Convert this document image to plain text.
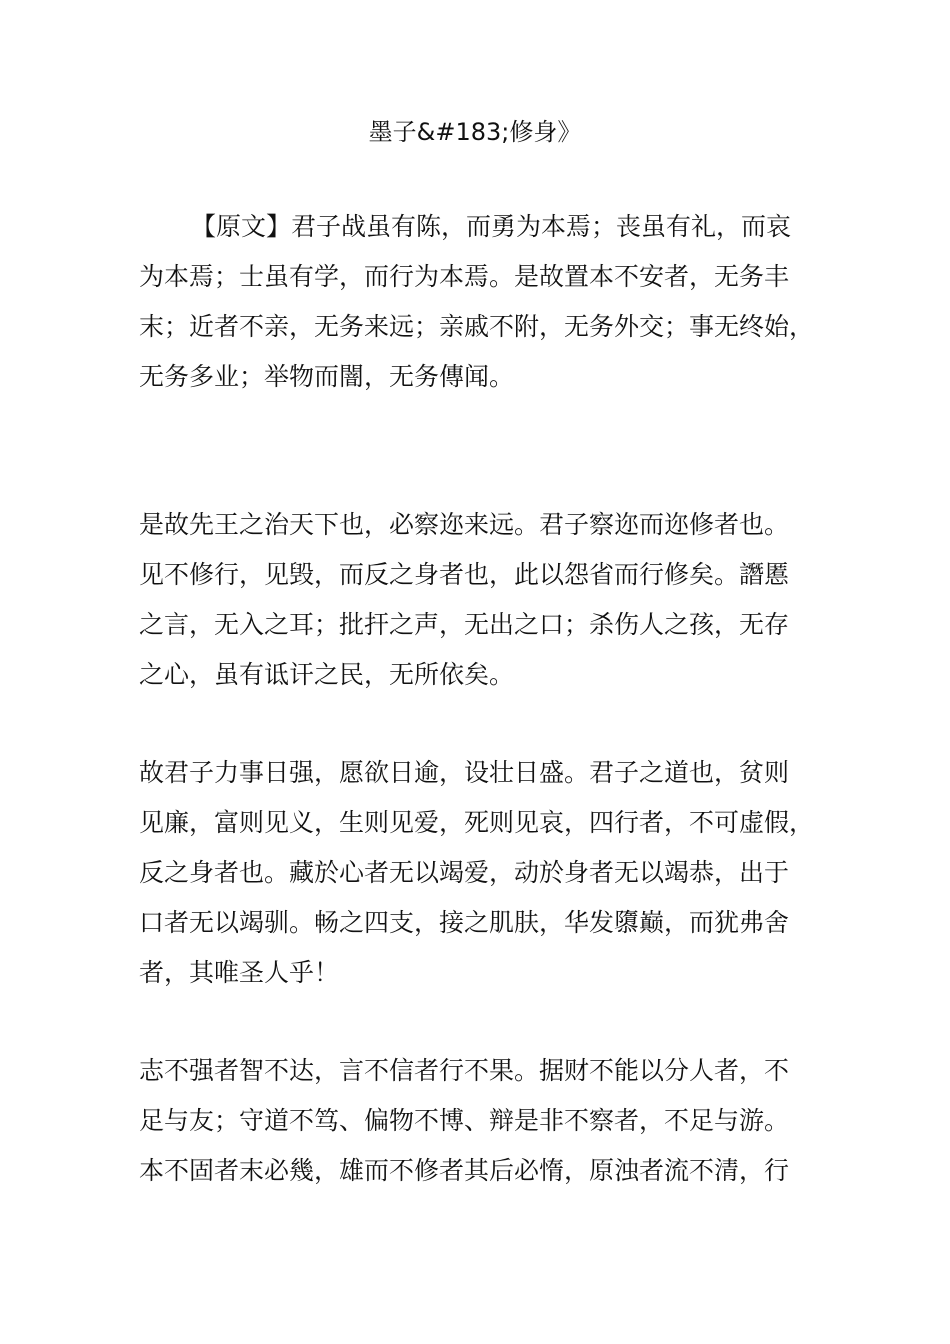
墨子&#183;修身》

【原文】君子战虽有陈，而勇为本焉；丧虽有礼，而哀
为本焉；士虽有学，而行为本焉。是故置本不安者，无务丰
末；近者不亲，无务来远；亲戚不附，无务外交；事无终始，
无务多业；举物而闇，无务傳闻。

是故先王之治天下也，必察迩来远。君子察迩而迩修者也。
见不修行，见毁，而反之身者也，此以怨省而行修矣。譖慝
之言，无入之耳；批扞之声，无出之口；杀伤人之孩，无存
之心，虽有诋讦之民，无所依矣。

故君子力事日强，愿欲日逾，设壮日盛。君子之道也，贫则
见廉，富则见义，生则见爱，死则见哀，四行者，不可虚假，
反之身者也。藏於心者无以竭爱，动於身者无以竭恭，出于
口者无以竭驯。畅之四支，接之肌肤，华发隳巅，而犹弗舍
者，其唯圣人乎！

志不强者智不达，言不信者行不果。据财不能以分人者，不
足与友；守道不笃、偏物不博、辩是非不察者，不足与游。
本不固者末必幾，雄而不修者其后必惰，原浊者流不清，行
